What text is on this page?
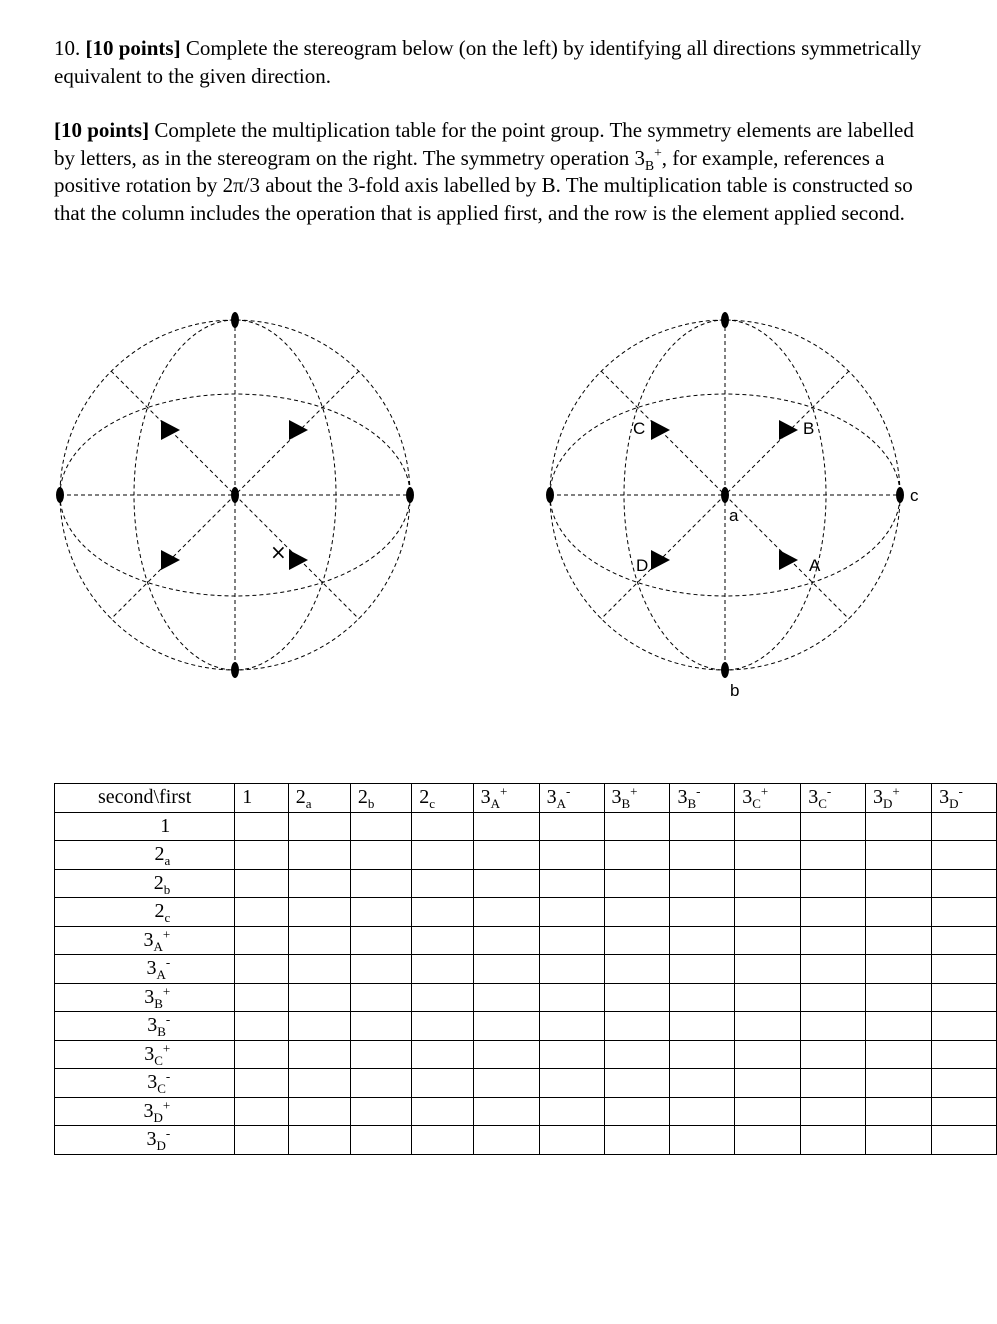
10. [10 points] Complete the stereogram below (on the left) by identifying all directions symmetrically equivalent to the given direction.
[10 points] Complete the multiplication table for the point group. The symmetry elements are labelled by letters, as in the stereogram on the right. The symmetry operation $3_B^+$, for example, references a positive rotation by 2π/3 about the 3-fold axis labelled by B. The multiplication table is constructed so that the column includes the operation that is applied first, and the row is the element applied second.
×
C	B
c
a
D	A
b
second\first	1	$2_a$	$2_b$	$2_c$	$3_A^+$	$3_A^-$	$3_B^+$	$3_B^-$	$3_C^+$	$3_C^-$	$3_D^+$	$3_D^-$
1												
$2_a$												
$2_b$												
$2_c$												
$3_A^+$												
$3_A^-$												
$3_B^+$												
$3_B^-$												
$3_C^+$												
$3_C^-$												
$3_D^+$												
$3_D^-$												
